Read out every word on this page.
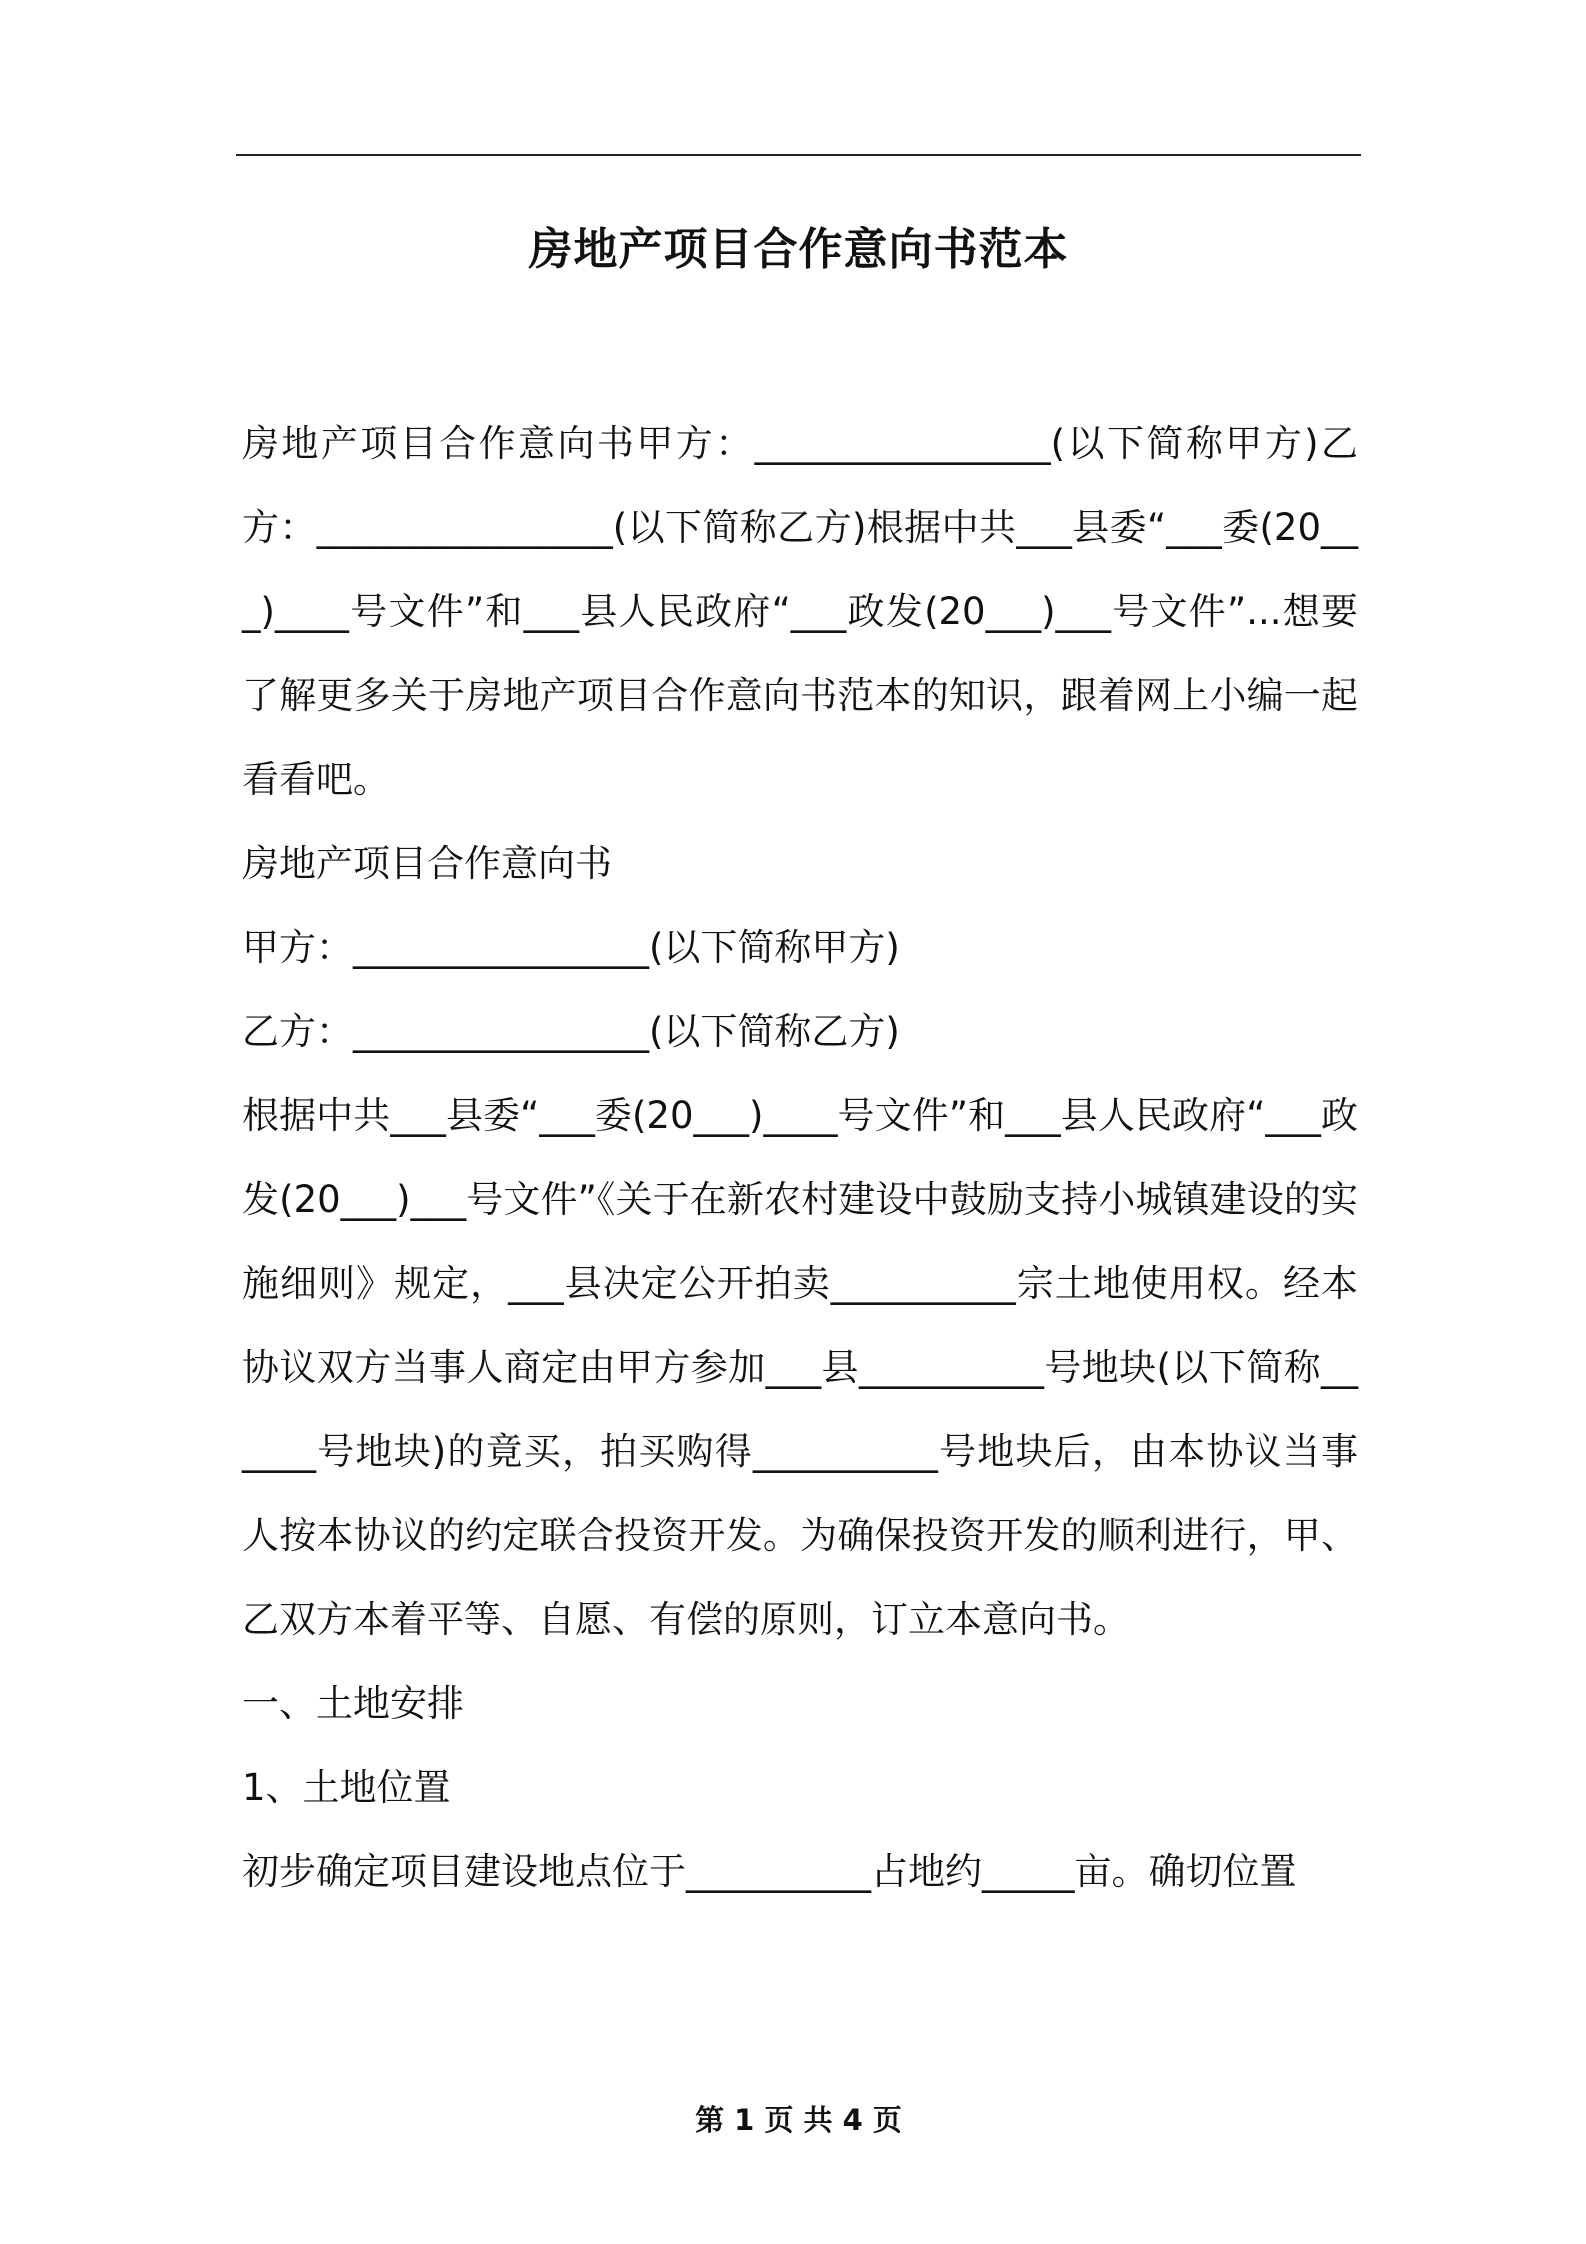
房地产项目合作意向书范本

房地产项目合作意向书甲方：________________(以下简称甲方)乙方：________________(以下简称乙方)根据中共___县委“___委(20___)____号文件”和___县人民政府“___政发(20___)___号文件”...想要了解更多关于房地产项目合作意向书范本的知识，跟着网上小编一起看看吧。

房地产项目合作意向书

甲方：________________(以下简称甲方)

乙方：________________(以下简称乙方)

根据中共___县委“___委(20___)____号文件”和___县人民政府“___政发(20___)___号文件”《关于在新农村建设中鼓励支持小城镇建设的实施细则》规定，___县决定公开拍卖__________宗土地使用权。经本协议双方当事人商定由甲方参加___县__________号地块(以下简称______号地块)的竟买，拍买购得__________号地块后，由本协议当事人按本协议的约定联合投资开发。为确保投资开发的顺利进行，甲、乙双方本着平等、自愿、有偿的原则，订立本意向书。

一、土地安排

1、土地位置

初步确定项目建设地点位于__________占地约_____亩。确切位置

第 1 页 共 4 页
